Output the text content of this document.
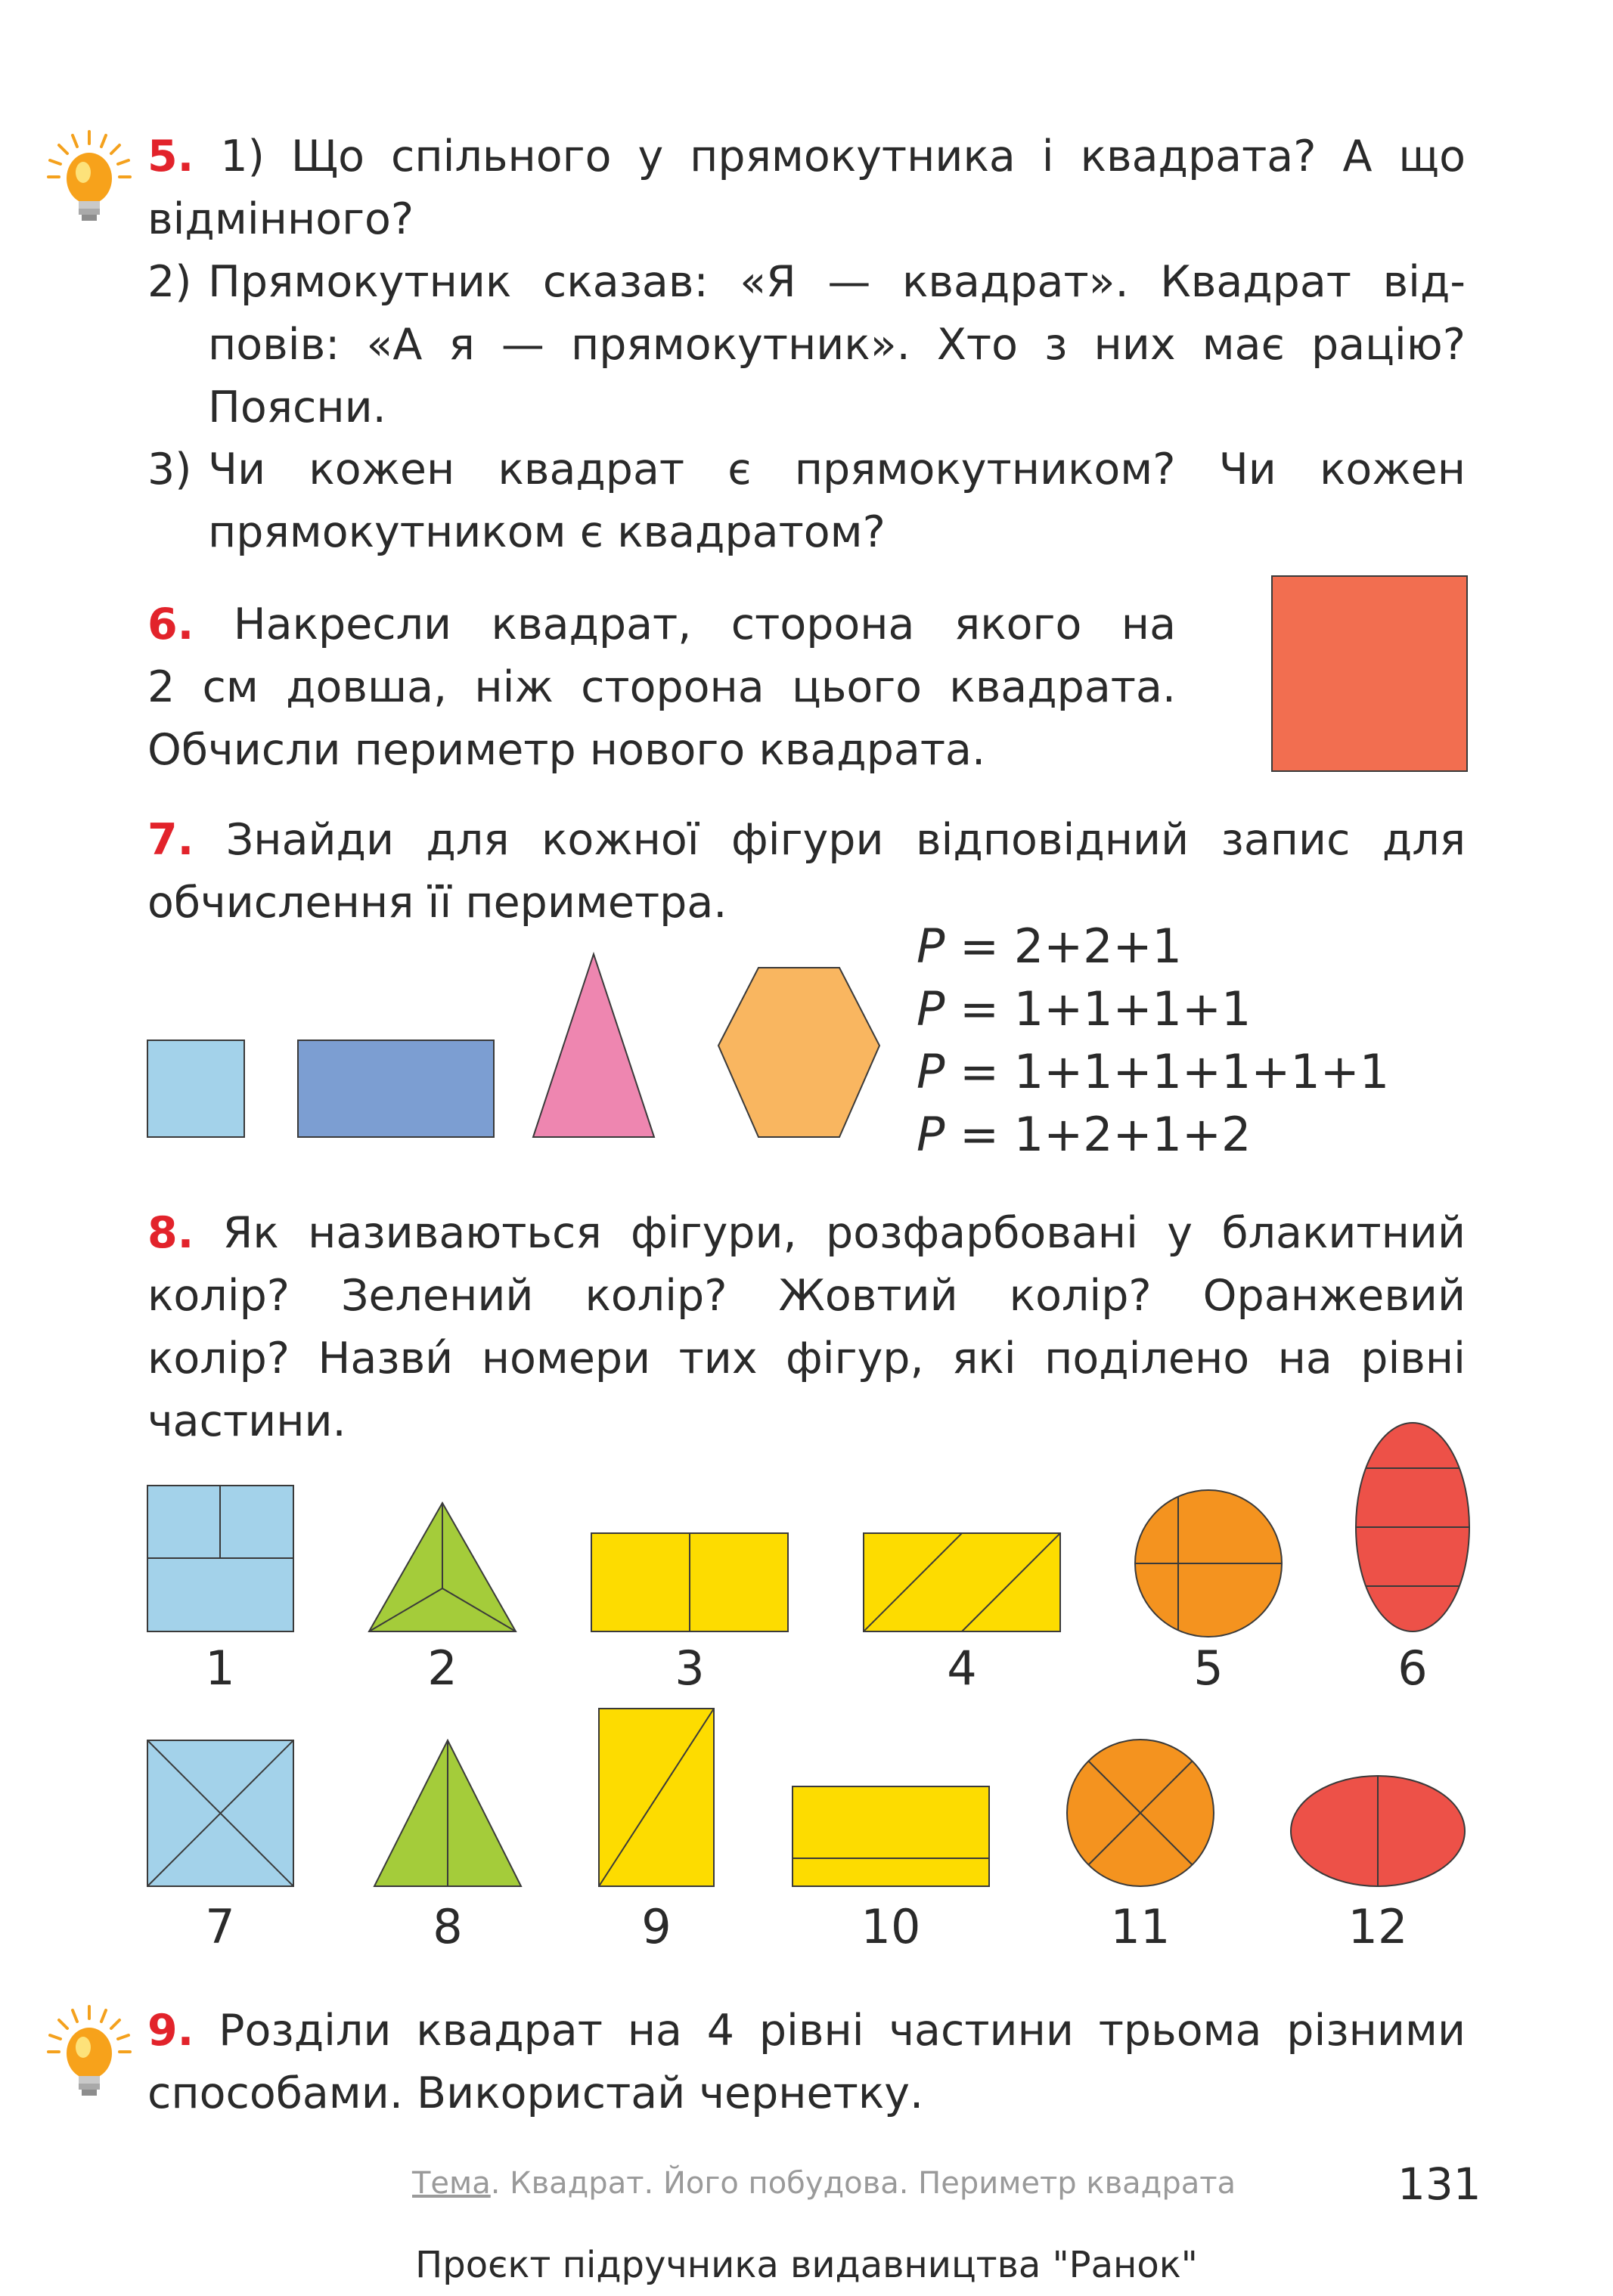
5. 1) Що спільного у прямокутника і квадрата? А що
відмінного?
2) Прямокутник сказав: «Я — квадрат». Квадрат від-
повів: «А я — прямокутник». Хто з них має рацію?
Поясни.
3) Чи кожен квадрат є прямокутником? Чи кожен
прямокутником є квадратом?
6. Накресли квадрат, сторона якого на
2 см довша, ніж сторона цього квадрата.
Обчисли периметр нового квадрата.
7. Знайди для кожної фігури відповідний запис для
обчислення її периметра.
P = 2+2+1
P = 1+1+1+1
P = 1+1+1+1+1+1
P = 1+2+1+2
8. Як називаються фігури, розфарбовані у блакитний
колір? Зелений колір? Жовтий колір? Оранжевий
колір? Назви́ номери тих фігур, які поділено на рівні
частини.
1	2	3	4	5	6
7	8	9	10	11	12
9. Розділи квадрат на 4 рівні частини трьома різними
способами. Використай чернетку.
Тема. Квадрат. Його побудова. Периметр квадрата	131
Проєкт підручника видавництва "Ранок"
